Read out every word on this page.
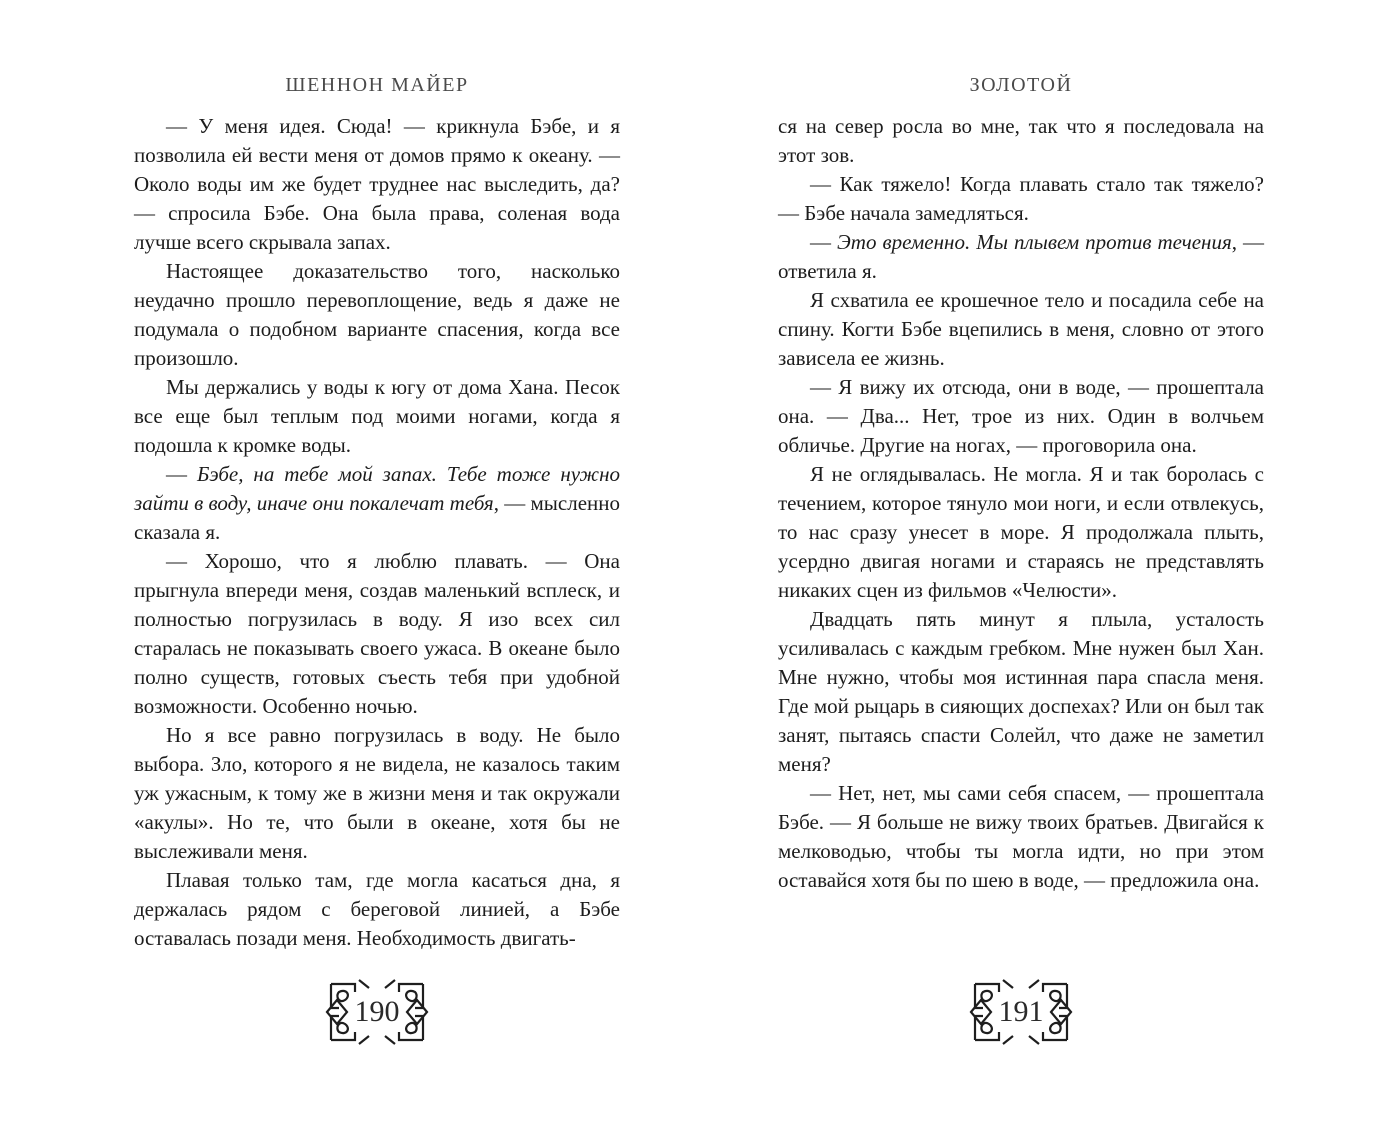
ШЕННОН МАЙЕР

— У меня идея. Сюда! — крикнула Бэбе, и я позволила ей вести меня от домов прямо к океану. — Около воды им же будет труднее нас выследить, да? — спросила Бэбе. Она была права, соленая вода лучше всего скрывала запах.

Настоящее доказательство того, насколько неудачно прошло перевоплощение, ведь я даже не подумала о подобном варианте спасения, когда все произошло.

Мы держались у воды к югу от дома Хана. Песок все еще был теплым под моими ногами, когда я подошла к кромке воды.

— Бэбе, на тебе мой запах. Тебе тоже нужно зайти в воду, иначе они покалечат тебя, — мысленно сказала я.

— Хорошо, что я люблю плавать. — Она прыгнула впереди меня, создав маленький всплеск, и полностью погрузилась в воду. Я изо всех сил старалась не показывать своего ужаса. В океане было полно существ, готовых съесть тебя при удобной возможности. Особенно ночью.

Но я все равно погрузилась в воду. Не было выбора. Зло, которого я не видела, не казалось таким уж ужасным, к тому же в жизни меня и так окружали «акулы». Но те, что были в океане, хотя бы не выслеживали меня.

Плавая только там, где могла касаться дна, я держалась рядом с береговой линией, а Бэбе оставалась позади меня. Необходимость двигать-

190
ЗОЛОТОЙ

ся на север росла во мне, так что я последовала на этот зов.

— Как тяжело! Когда плавать стало так тяжело? — Бэбе начала замедляться.

— Это временно. Мы плывем против течения, — ответила я.

Я схватила ее крошечное тело и посадила себе на спину. Когти Бэбе вцепились в меня, словно от этого зависела ее жизнь.

— Я вижу их отсюда, они в воде, — прошептала она. — Два... Нет, трое из них. Один в волчьем обличье. Другие на ногах, — проговорила она.

Я не оглядывалась. Не могла. Я и так боролась с течением, которое тянуло мои ноги, и если отвлекусь, то нас сразу унесет в море. Я продолжала плыть, усердно двигая ногами и стараясь не представлять никаких сцен из фильмов «Челюсти».

Двадцать пять минут я плыла, усталость усиливалась с каждым гребком. Мне нужен был Хан. Мне нужно, чтобы моя истинная пара спасла меня. Где мой рыцарь в сияющих доспехах? Или он был так занят, пытаясь спасти Солейл, что даже не заметил меня?

— Нет, нет, мы сами себя спасем, — прошептала Бэбе. — Я больше не вижу твоих братьев. Двигайся к мелководью, чтобы ты могла идти, но при этом оставайся хотя бы по шею в воде, — предложила она.

191
